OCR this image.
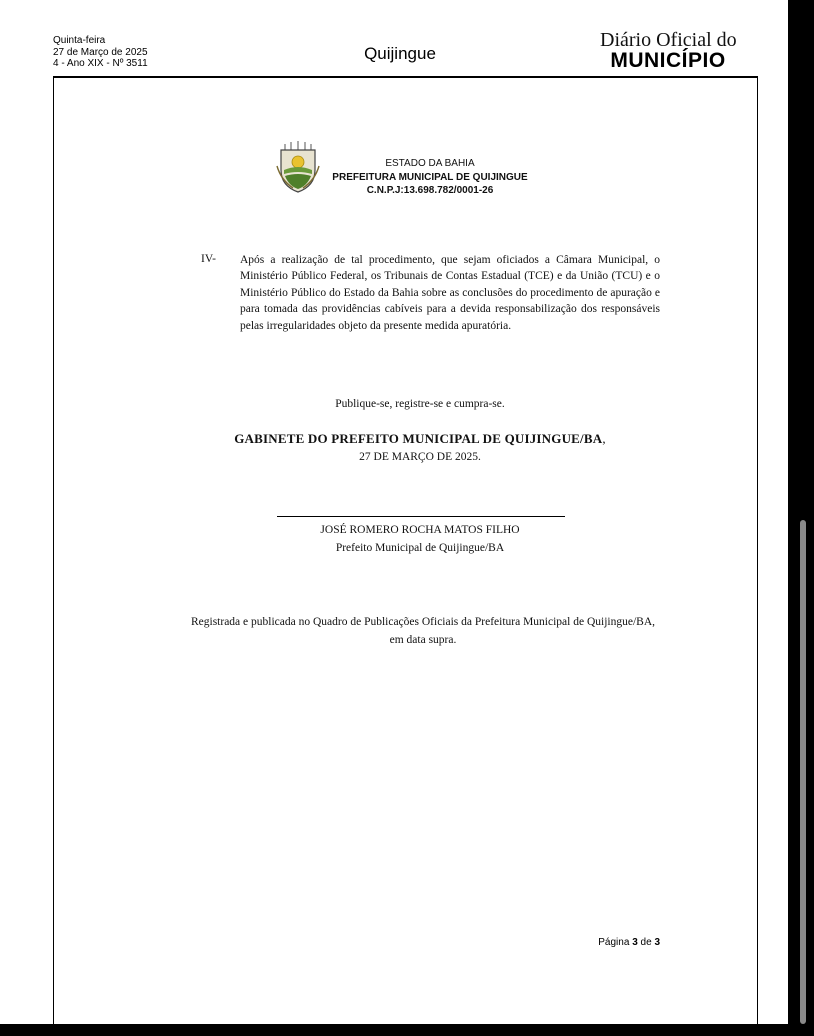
Quinta-feira
27 de Março de 2025
4 - Ano XIX - Nº 3511
Quijingue
Diário Oficial do
MUNICÍPIO
ESTADO DA BAHIA
PREFEITURA MUNICIPAL DE QUIJINGUE
C.N.P.J:13.698.782/0001-26
IV- Após a realização de tal procedimento, que sejam oficiados a Câmara Municipal, o Ministério Público Federal, os Tribunais de Contas Estadual (TCE) e da União (TCU) e o Ministério Público do Estado da Bahia sobre as conclusões do procedimento de apuração e para tomada das providências cabíveis para a devida responsabilização dos responsáveis pelas irregularidades objeto da presente medida apuratória.
Publique-se, registre-se e cumpra-se.
GABINETE DO PREFEITO MUNICIPAL DE QUIJINGUE/BA,
27 DE MARÇO DE 2025.
JOSÉ ROMERO ROCHA MATOS FILHO
Prefeito Municipal de Quijingue/BA
Registrada e publicada no Quadro de Publicações Oficiais da Prefeitura Municipal de Quijingue/BA, em data supra.
Página 3 de 3
